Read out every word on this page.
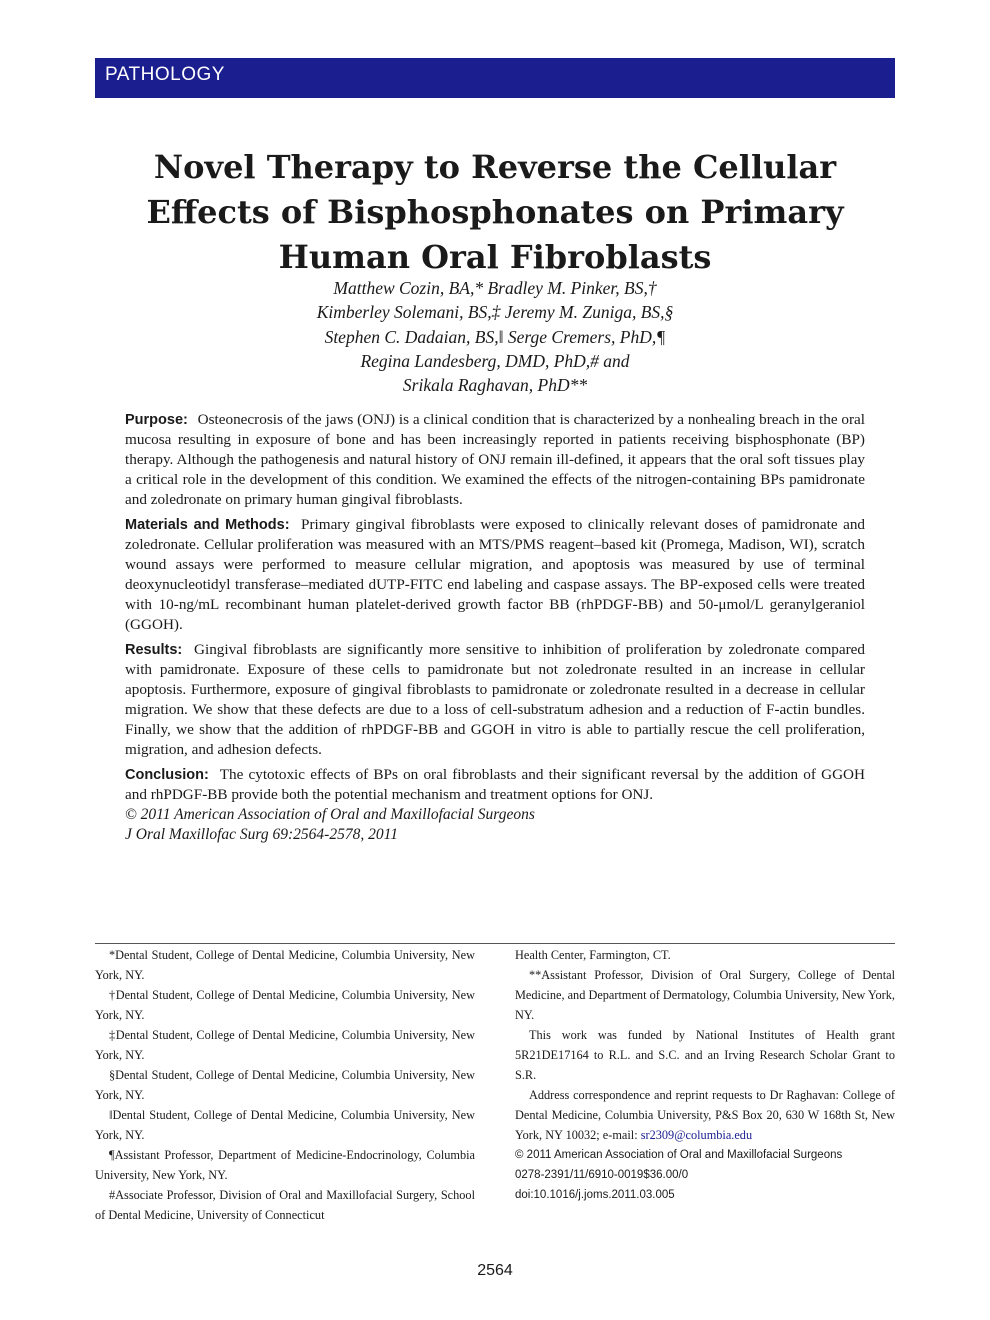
PATHOLOGY
Novel Therapy to Reverse the Cellular
Effects of Bisphosphonates on Primary
Human Oral Fibroblasts
Matthew Cozin, BA,* Bradley M. Pinker, BS,†
Kimberley Solemani, BS,‡ Jeremy M. Zuniga, BS,§
Stephen C. Dadaian, BS,‖ Serge Cremers, PhD,¶
Regina Landesberg, DMD, PhD,# and
Srikala Raghavan, PhD**

Purpose: Osteonecrosis of the jaws (ONJ) is a clinical condition that is characterized by a nonhealing breach in the oral mucosa resulting in exposure of bone and has been increasingly reported in patients receiving bisphosphonate (BP) therapy. Although the pathogenesis and natural history of ONJ remain ill-defined, it appears that the oral soft tissues play a critical role in the development of this condition. We examined the effects of the nitrogen-containing BPs pamidronate and zoledronate on primary human gingival fibroblasts.

Materials and Methods: Primary gingival fibroblasts were exposed to clinically relevant doses of pamidronate and zoledronate. Cellular proliferation was measured with an MTS/PMS reagent–based kit (Promega, Madison, WI), scratch wound assays were performed to measure cellular migration, and apoptosis was measured by use of terminal deoxynucleotidyl transferase–mediated dUTP-FITC end labeling and caspase assays. The BP-exposed cells were treated with 10-ng/mL recombinant human platelet-derived growth factor BB (rhPDGF-BB) and 50-μmol/L geranylgeraniol (GGOH).

Results: Gingival fibroblasts are significantly more sensitive to inhibition of proliferation by zoledronate compared with pamidronate. Exposure of these cells to pamidronate but not zoledronate resulted in an increase in cellular apoptosis. Furthermore, exposure of gingival fibroblasts to pamidronate or zoledronate resulted in a decrease in cellular migration. We show that these defects are due to a loss of cell-substratum adhesion and a reduction of F-actin bundles. Finally, we show that the addition of rhPDGF-BB and GGOH in vitro is able to partially rescue the cell proliferation, migration, and adhesion defects.

Conclusion: The cytotoxic effects of BPs on oral fibroblasts and their significant reversal by the addition of GGOH and rhPDGF-BB provide both the potential mechanism and treatment options for ONJ.

© 2011 American Association of Oral and Maxillofacial Surgeons

J Oral Maxillofac Surg 69:2564-2578, 2011

*Dental Student, College of Dental Medicine, Columbia University, New York, NY.

†Dental Student, College of Dental Medicine, Columbia University, New York, NY.

‡Dental Student, College of Dental Medicine, Columbia University, New York, NY.

§Dental Student, College of Dental Medicine, Columbia University, New York, NY.

‖Dental Student, College of Dental Medicine, Columbia University, New York, NY.

¶Assistant Professor, Department of Medicine-Endocrinology, Columbia University, New York, NY.

#Associate Professor, Division of Oral and Maxillofacial Surgery, School of Dental Medicine, University of Connecticut

Health Center, Farmington, CT.

**Assistant Professor, Division of Oral Surgery, College of Dental Medicine, and Department of Dermatology, Columbia University, New York, NY.

This work was funded by National Institutes of Health grant 5R21DE17164 to R.L. and S.C. and an Irving Research Scholar Grant to S.R.

Address correspondence and reprint requests to Dr Raghavan: College of Dental Medicine, Columbia University, P&S Box 20, 630 W 168th St, New York, NY 10032; e-mail: sr2309@columbia.edu

© 2011 American Association of Oral and Maxillofacial Surgeons

0278-2391/11/6910-0019$36.00/0

doi:10.1016/j.joms.2011.03.005

2564
